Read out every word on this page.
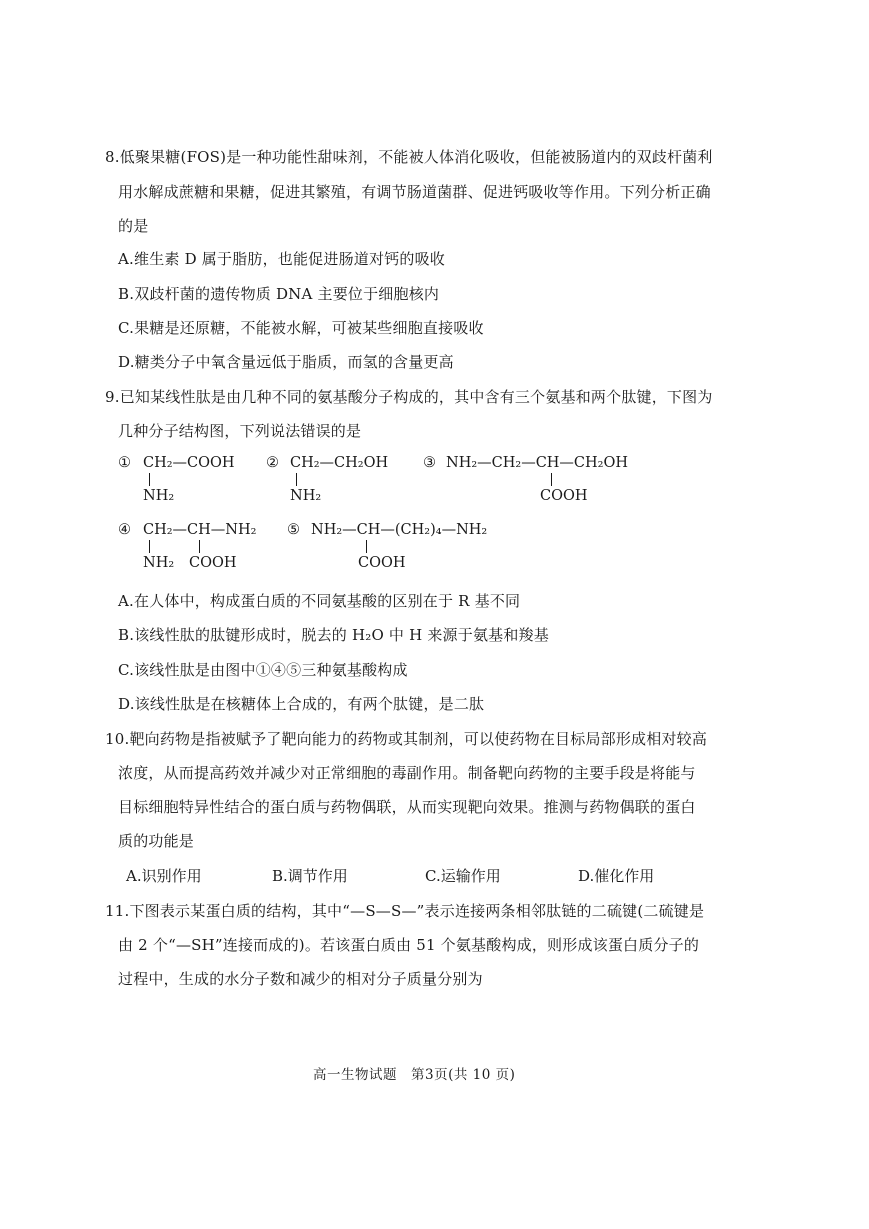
8.低聚果糖(FOS)是一种功能性甜味剂，不能被人体消化吸收，但能被肠道内的双歧杆菌利
用水解成蔗糖和果糖，促进其繁殖，有调节肠道菌群、促进钙吸收等作用。下列分析正确
的是
A.维生素 D 属于脂肪，也能促进肠道对钙的吸收
B.双歧杆菌的遗传物质 DNA 主要位于细胞核内
C.果糖是还原糖，不能被水解，可被某些细胞直接吸收
D.糖类分子中氧含量远低于脂质，而氢的含量更高
9.已知某线性肽是由几种不同的氨基酸分子构成的，其中含有三个氨基和两个肽键，下图为
几种分子结构图，下列说法错误的是
① CH₂—COOH
NH₂
② CH₂—CH₂OH
NH₂
③ NH₂—CH₂—CH—CH₂OH
COOH
④ CH₂—CH—NH₂
NH₂ COOH
⑤ NH₂—CH—(CH₂)₄—NH₂
COOH
A.在人体中，构成蛋白质的不同氨基酸的区别在于 R 基不同
B.该线性肽的肽键形成时，脱去的 H₂O 中 H 来源于氨基和羧基
C.该线性肽是由图中①④⑤三种氨基酸构成
D.该线性肽是在核糖体上合成的，有两个肽键，是二肽
10.靶向药物是指被赋予了靶向能力的药物或其制剂，可以使药物在目标局部形成相对较高
浓度，从而提高药效并减少对正常细胞的毒副作用。制备靶向药物的主要手段是将能与
目标细胞特异性结合的蛋白质与药物偶联，从而实现靶向效果。推测与药物偶联的蛋白
质的功能是
A.识别作用	B.调节作用	C.运输作用	D.催化作用
11.下图表示某蛋白质的结构，其中“—S—S—”表示连接两条相邻肽链的二硫键(二硫键是
由 2 个“—SH”连接而成的)。若该蛋白质由 51 个氨基酸构成，则形成该蛋白质分子的
过程中，生成的水分子数和减少的相对分子质量分别为
高一生物试题　第3页(共 10 页)
